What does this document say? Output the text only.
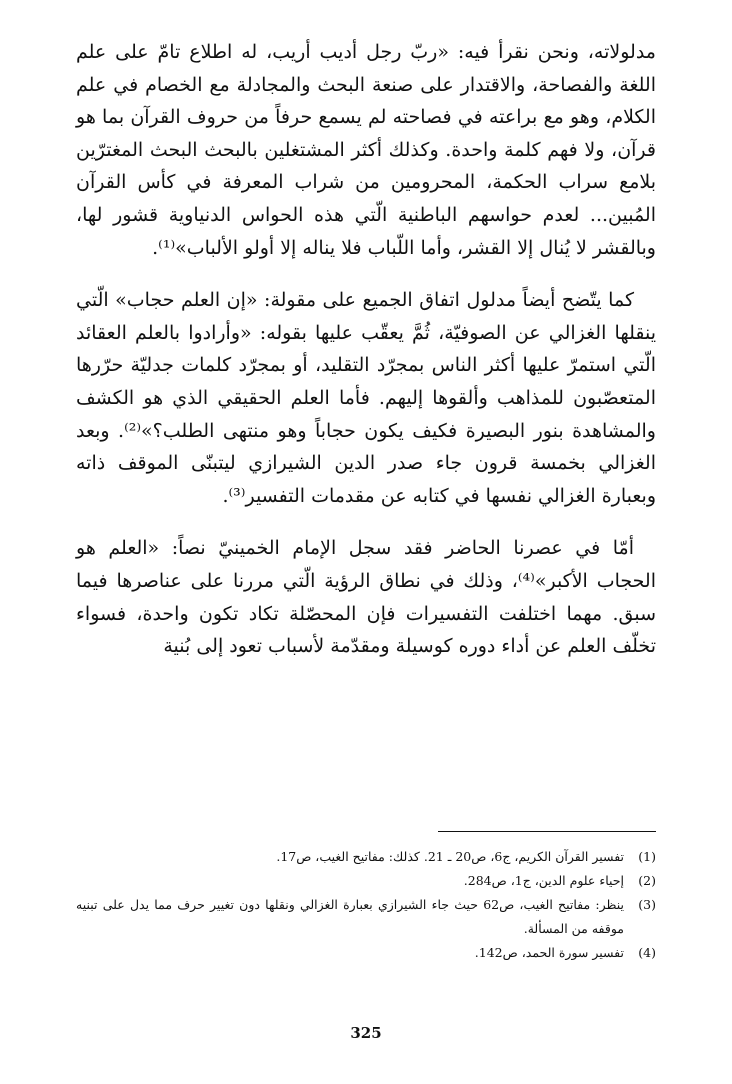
مدلولاته، ونحن نقرأ فيه: «ربّ رجل أديب أريب، له اطلاع تامّ على علم اللغة والفصاحة، والاقتدار على صنعة البحث والمجادلة مع الخصام في علم الكلام، وهو مع براعته في فصاحته لم يسمع حرفاً من حروف القرآن بما هو قرآن، ولا فهم كلمة واحدة. وكذلك أكثر المشتغلين بالبحث البحث المغترّين بلامع سراب الحكمة، المحرومين من شراب المعرفة في كأس القرآن المُبين... لعدم حواسهم الباطنية الّتي هذه الحواس الدنياوية قشور لها، وبالقشر لا يُنال إلا القشر، وأما اللّباب فلا يناله إلا أولو الألباب»⁽¹⁾.

كما يتّضح أيضاً مدلول اتفاق الجميع على مقولة: «إن العلم حجاب» الّتي ينقلها الغزالي عن الصوفيّة، ثُمَّ يعقّب عليها بقوله: «وأرادوا بالعلم العقائد الّتي استمرّ عليها أكثر الناس بمجرّد التقليد، أو بمجرّد كلمات جدليّة حرّرها المتعصّبون للمذاهب وألقوها إليهم. فأما العلم الحقيقي الذي هو الكشف والمشاهدة بنور البصيرة فكيف يكون حجاباً وهو منتهى الطلب؟»⁽²⁾. وبعد الغزالي بخمسة قرون جاء صدر الدين الشيرازي ليتبنّى الموقف ذاته وبعبارة الغزالي نفسها في كتابه عن مقدمات التفسير⁽³⁾.

أمّا في عصرنا الحاضر فقد سجل الإمام الخمينيّ نصاً: «العلم هو الحجاب الأكبر»⁽⁴⁾، وذلك في نطاق الرؤية الّتي مررنا على عناصرها فيما سبق. مهما اختلفت التفسيرات فإن المحصّلة تكاد تكون واحدة، فسواء تخلّف العلم عن أداء دوره كوسيلة ومقدّمة لأسباب تعود إلى بُنية

(1)
تفسير القرآن الكريم، ج6، ص20 ـ 21. كذلك: مفاتيح الغيب، ص17.
(2)
إحياء علوم الدين، ج1، ص284.
(3)
ينظر: مفاتيح الغيب، ص62 حيث جاء الشيرازي بعبارة الغزالي ونقلها دون تغيير حرف مما يدل على تبنيه موقفه من المسألة.
(4)
تفسير سورة الحمد، ص142.
325
